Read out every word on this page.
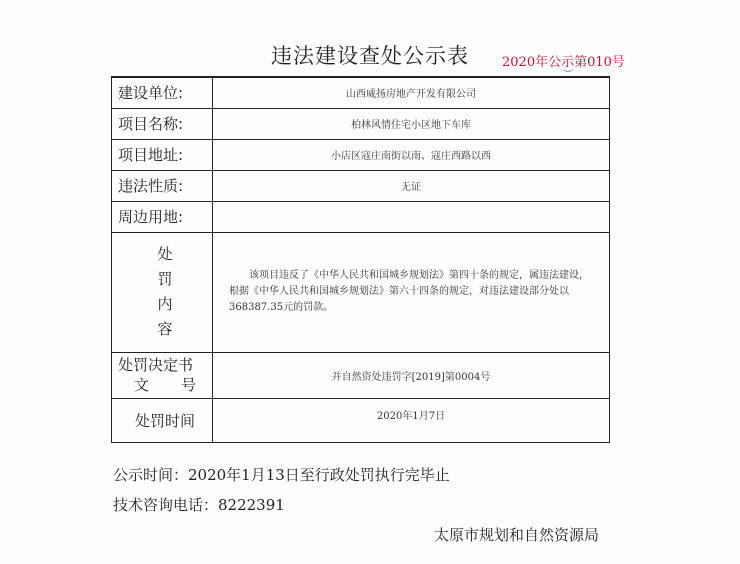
违法建设查处公示表	2020年公示第010号
建设单位:	山西威扬房地产开发有限公司
项目名称:	柏林风情住宅小区地下车库
项目地址:	小店区寇庄南街以南、寇庄西路以西
违法性质:	无证
周边用地:	

处
罚
内
容	该项目违反了《中华人民共和国城乡规划法》第四十条的规定，属违法建设，根据《中华人民共和国城乡规划法》第六十四条的规定，对违法建设部分处以368387.35元的罚款。

处罚决定书
文 号	并自然资处违罚字[2019]第0004号
处罚时间	2020年1月7日
公示时间：2020年1月13日至行政处罚执行完毕止
技术咨询电话：8222391
太原市规划和自然资源局
